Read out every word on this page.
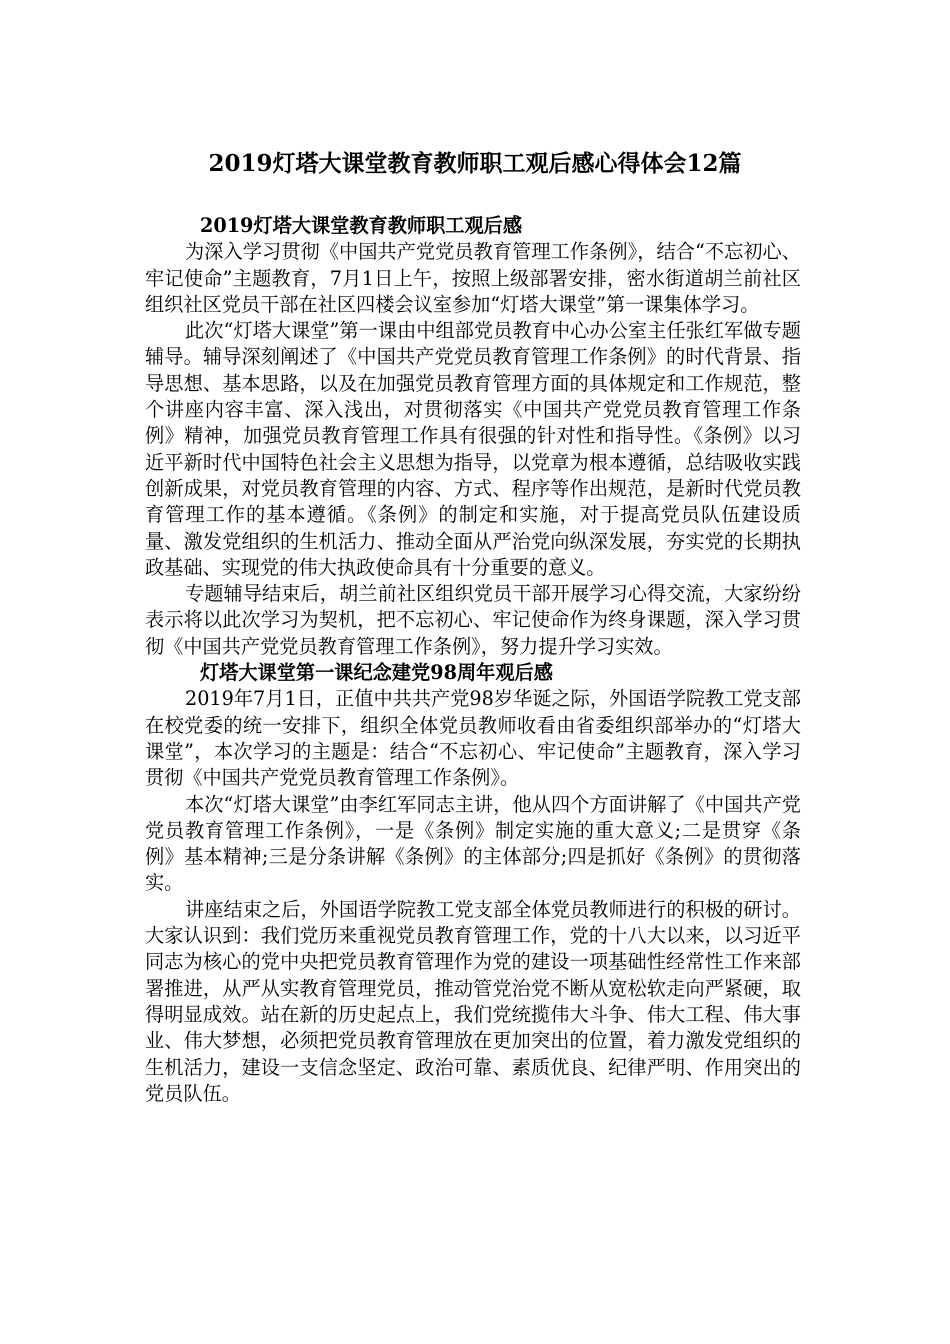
2019灯塔大课堂教育教师职工观后感心得体会12篇

2019灯塔大课堂教育教师职工观后感

为深入学习贯彻《中国共产党党员教育管理工作条例》，结合“不忘初心、牢记使命”主题教育，7月1日上午，按照上级部署安排，密水街道胡兰前社区组织社区党员干部在社区四楼会议室参加“灯塔大课堂”第一课集体学习。

此次“灯塔大课堂”第一课由中组部党员教育中心办公室主任张红军做专题辅导。辅导深刻阐述了《中国共产党党员教育管理工作条例》的时代背景、指导思想、基本思路，以及在加强党员教育管理方面的具体规定和工作规范，整个讲座内容丰富、深入浅出，对贯彻落实《中国共产党党员教育管理工作条例》精神，加强党员教育管理工作具有很强的针对性和指导性。《条例》以习近平新时代中国特色社会主义思想为指导，以党章为根本遵循，总结吸收实践创新成果，对党员教育管理的内容、方式、程序等作出规范，是新时代党员教育管理工作的基本遵循。《条例》的制定和实施，对于提高党员队伍建设质量、激发党组织的生机活力、推动全面从严治党向纵深发展，夯实党的长期执政基础、实现党的伟大执政使命具有十分重要的意义。

专题辅导结束后，胡兰前社区组织党员干部开展学习心得交流，大家纷纷表示将以此次学习为契机，把不忘初心、牢记使命作为终身课题，深入学习贯彻《中国共产党党员教育管理工作条例》，努力提升学习实效。

灯塔大课堂第一课纪念建党98周年观后感

2019年7月1日，正值中共共产党98岁华诞之际，外国语学院教工党支部在校党委的统一安排下，组织全体党员教师收看由省委组织部举办的“灯塔大课堂”，本次学习的主题是：结合“不忘初心、牢记使命”主题教育，深入学习贯彻《中国共产党党员教育管理工作条例》。

本次“灯塔大课堂”由李红军同志主讲，他从四个方面讲解了《中国共产党党员教育管理工作条例》，一是《条例》制定实施的重大意义;二是贯穿《条例》基本精神;三是分条讲解《条例》的主体部分;四是抓好《条例》的贯彻落实。

讲座结束之后，外国语学院教工党支部全体党员教师进行的积极的研讨。大家认识到：我们党历来重视党员教育管理工作，党的十八大以来，以习近平同志为核心的党中央把党员教育管理作为党的建设一项基础性经常性工作来部署推进，从严从实教育管理党员，推动管党治党不断从宽松软走向严紧硬，取得明显成效。站在新的历史起点上，我们党统揽伟大斗争、伟大工程、伟大事业、伟大梦想，必须把党员教育管理放在更加突出的位置，着力激发党组织的生机活力，建设一支信念坚定、政治可靠、素质优良、纪律严明、作用突出的党员队伍。
